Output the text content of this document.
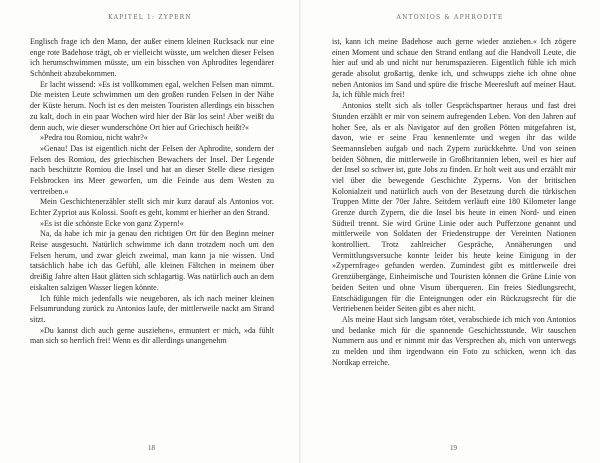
KAPITEL 1: ZYPERN

Englisch frage ich den Mann, der außer einem kleinen Rucksack nur eine enge rote Badehose trägt, ob er vielleicht wüsste, um welchen dieser Felsen ich herumschwimmen müsste, um ein bisschen von Aphrodites legendärer Schönheit abzubekommen.

Er lacht wissend: »Es ist vollkommen egal, welchen Felsen man nimmt. Die meisten Leute schwimmen um den großen runden Felsen in der Nähe der Küste herum. Noch ist es den meisten Touristen allerdings ein bisschen zu kalt, doch in ein paar Wochen wird hier der Bär los sein! Aber weißt du denn auch, wie dieser wunderschöne Ort hier auf Griechisch heißt?«

»Pedra tou Romiou, nicht wahr?«

»Genau! Das ist eigentlich nicht der Felsen der Aphrodite, sondern der Felsen des Romiou, des griechischen Bewachers der Insel. Der Legende nach beschützte Romiou die Insel und hat an dieser Stelle diese riesigen Felsbrocken ins Meer geworfen, um die Feinde aus dem Westen zu vertreiben.«

Mein Geschichtenerzähler stellt sich mir kurz darauf als Antonios vor. Echter Zypriot aus Kolossi. Sooft es geht, kommt er hierher an den Strand.

»Es ist die schönste Ecke von ganz Zypern!«

Na, da habe ich mir ja genau den richtigen Ort für den Beginn meiner Reise ausgesucht. Natürlich schwimme ich dann trotzdem noch um den Felsen herum, und zwar gleich zweimal, man kann ja nie wissen. Und tatsächlich habe ich das Gefühl, alle kleinen Fältchen in meinem über dreißig Jahre alten Haut glätten sich schlagartig. Was natürlich auch an dem eiskalten salzigen Wasser liegen könnte.

Ich fühle mich jedenfalls wie neugeboren, als ich nach meiner kleinen Felsumrundung zurück zu Antonios laufe, der mittlerweile nackt am Strand sitzt.

»Du kannst dich auch gerne ausziehen«, ermuntert er mich, »da fühlt man sich so herrlich frei! Wenn es dir allerdings unangenehm

18
ANTONIOS & APHRODITE

ist, kann ich meine Badehose auch gerne wieder anziehen.« Ich zögere einen Moment und schaue den Strand entlang auf die Handvoll Leute, die hier auf und ab und nicht nur herumspazieren. Eigentlich fühle ich mich gerade absolut großartig, denke ich, und schwupps ziehe ich ohne ohne neben Antonios im Sand und spüre die frische Meeresluft auf meiner Haut. Ja, ich fühle mich frei!

Antonios stellt sich als toller Gesprächspartner heraus und fast drei Stunden erzählt er mir von seinem aufregenden Leben. Von den Jahren auf hoher See, als er als Navigator auf den großen Pötten mitgefahren ist, davon, wie er seine Frau kennenlernte und wegen ihr das wilde Seemannsleben aufgab und nach Zypern zurückkehrte. Und von seinen beiden Söhnen, die mittlerweile in Großbritannien leben, weil es hier auf der Insel so schwer ist, gute Jobs zu finden. Er holt weit aus und erzählt mir viel über die bewegende Geschichte Zyperns. Von der britischen Kolonialzeit und natürlich auch von der Besetzung durch die türkischen Truppen Mitte der 70er Jahre. Seitdem verläuft eine 180 Kilometer lange Grenze durch Zypern, die die Insel bis heute in einen Nord- und einen Südteil trennt. Sie wird Grüne Linie oder auch Pufferzone genannt und mittlerweile von Soldaten der Friedenstruppe der Vereinten Nationen kontrolliert. Trotz zahlreicher Gespräche, Annäherungen und Vermittlungsversuche konnte leider bis heute keine Einigung in der »Zypernfrage« gefunden werden. Zumindest gibt es mittlerweile drei Grenzübergänge, Einheimische und Touristen können die Grüne Linie von beiden Seiten und ohne Visum überqueren. Ein freies Siedlungsrecht, Entschädigungen für die Enteignungen oder ein Rückzugsrecht für die Vertriebenen beider Seiten gibt es aber nicht.

Als meine Haut sich langsam rötet, verabschiede ich mich von Antonios und bedanke mich für die spannende Geschichtsstunde. Wir tauschen Nummern aus und er nimmt mir das Versprechen ab, mich von unterwegs zu melden und ihm irgendwann ein Foto zu schicken, wenn ich das Nordkap erreiche.

19
